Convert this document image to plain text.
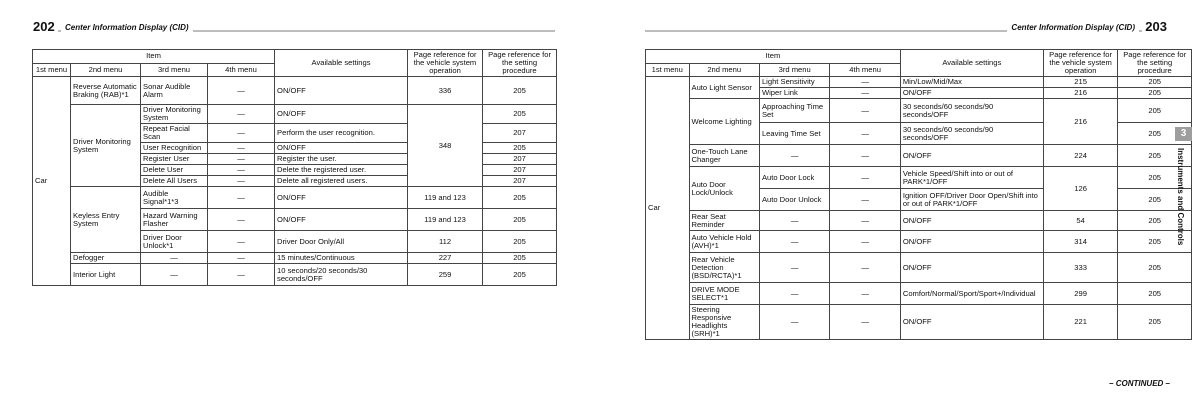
202	Center Information Display (CID)
Item				Available settings	Page reference for the vehicle system operation	Page reference for the setting procedure
1st menu	2nd menu	3rd menu	4th menu			
Car	Reverse Automatic Braking (RAB)*1	Sonar Audible Alarm	—	ON/OFF	336	205
	Driver Monitoring System	Driver Monitoring System	—	ON/OFF	348	205
		Repeat Facial Scan	—	Perform the user recognition.		207
		User Recognition	—	ON/OFF		205
		Register User	—	Register the user.		207
		Delete User	—	Delete the registered user.		207
		Delete All Users	—	Delete all registered users.		207
	Keyless Entry System	Audible Signal*1*3	—	ON/OFF	119 and 123	205
		Hazard Warning Flasher	—	ON/OFF	119 and 123	205
		Driver Door Unlock*1	—	Driver Door Only/All	112	205
	Defogger	—	—	15 minutes/Continuous	227	205
	Interior Light	—	—	10 seconds/20 seconds/30 seconds/OFF	259	205
Center Information Display (CID) 203
Item				Available settings	Page reference for the vehicle system operation	Page reference for the setting procedure
1st menu	2nd menu	3rd menu	4th menu			
Car	Auto Light Sensor	Light Sensitivity	—	Min/Low/Mid/Max	215	205
		Wiper Link	—	ON/OFF	216	205
	Welcome Lighting	Approaching Time Set	—	30 seconds/60 seconds/90 seconds/OFF	216	205
		Leaving Time Set	—	30 seconds/60 seconds/90 seconds/OFF		205
	One-Touch Lane Changer	—	—	ON/OFF	224	205
	Auto Door Lock/Unlock	Auto Door Lock	—	Vehicle Speed/Shift into or out of PARK*1/OFF	126	205
		Auto Door Unlock	—	Ignition OFF/Driver Door Open/Shift into or out of PARK*1/OFF		205
	Rear Seat Reminder	—	—	ON/OFF	54	205
	Auto Vehicle Hold (AVH)*1	—	—	ON/OFF	314	205
	Rear Vehicle Detection (BSD/RCTA)*1	—	—	ON/OFF	333	205
	DRIVE MODE SELECT*1	—	—	Comfort/Normal/Sport/Sport+/Individual	299	205
	Steering Responsive Headlights (SRH)*1	—	—	ON/OFF	221	205
3
Instruments and Controls
– CONTINUED –
